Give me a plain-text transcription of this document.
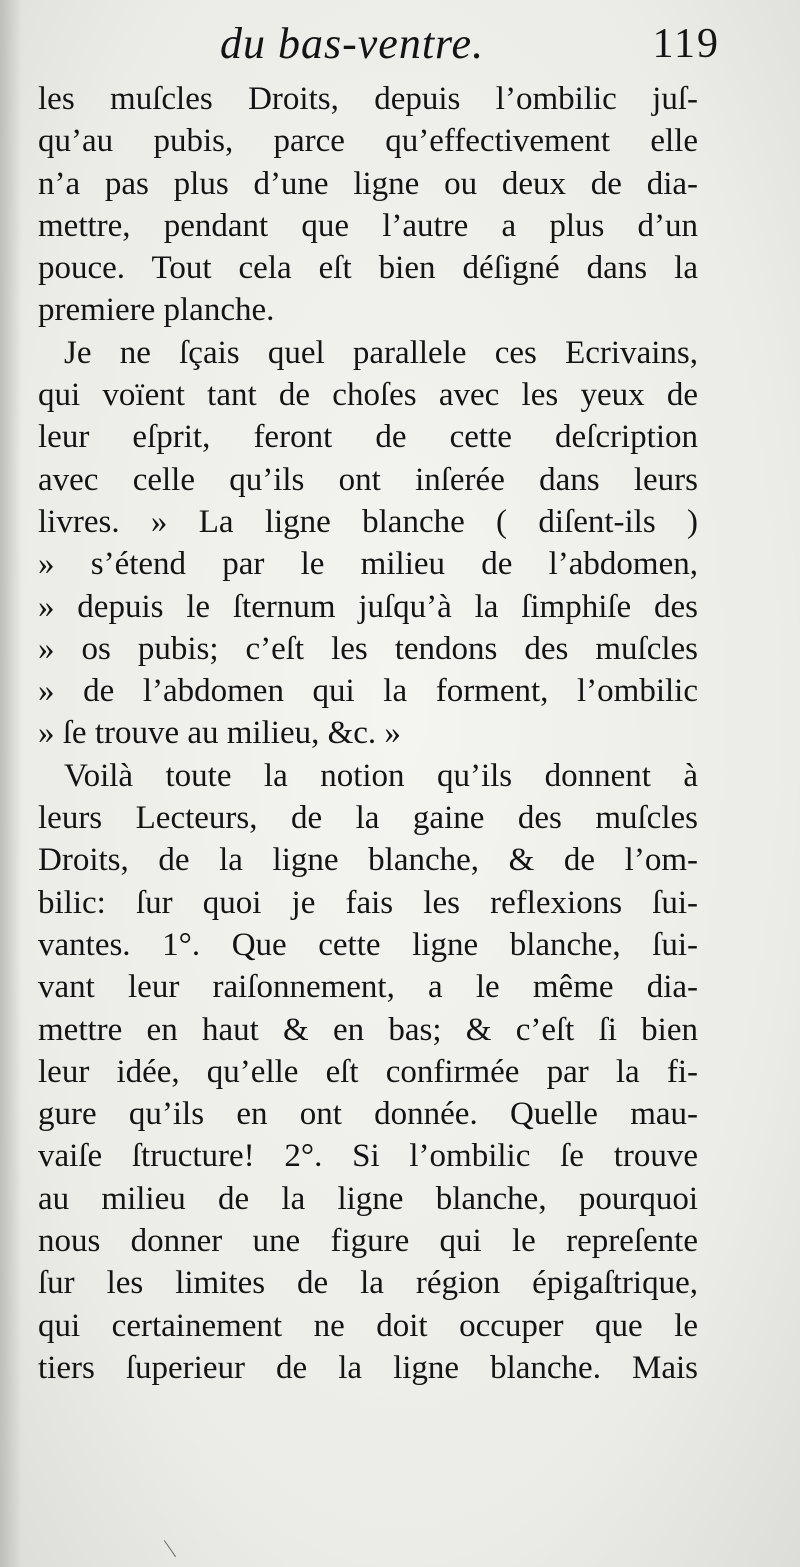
du bas-ventre.	119
les muſcles Droits, depuis l’ombilic juſ-
qu’au pubis, parce qu’effectivement elle
n’a pas plus d’une ligne ou deux de dia-
mettre, pendant que l’autre a plus d’un
pouce. Tout cela eſt bien déſigné dans la
premiere planche.
Je ne ſçais quel parallele ces Ecrivains,
qui voïent tant de choſes avec les yeux de
leur eſprit, feront de cette deſcription
avec celle qu’ils ont inſerée dans leurs
livres. » La ligne blanche ( diſent-ils )
» s’étend par le milieu de l’abdomen,
» depuis le ſternum juſqu’à la ſimphiſe des
» os pubis; c’eſt les tendons des muſcles
» de l’abdomen qui la forment, l’ombilic
» ſe trouve au milieu, &c. »
Voilà toute la notion qu’ils donnent à
leurs Lecteurs, de la gaine des muſcles
Droits, de la ligne blanche, & de l’om-
bilic: ſur quoi je fais les reflexions ſui-
vantes. 1°. Que cette ligne blanche, ſui-
vant leur raiſonnement, a le même dia-
mettre en haut & en bas; & c’eſt ſi bien
leur idée, qu’elle eſt confirmée par la fi-
gure qu’ils en ont donnée. Quelle mau-
vaiſe ſtructure! 2°. Si l’ombilic ſe trouve
au milieu de la ligne blanche, pourquoi
nous donner une figure qui le repreſente
ſur les limites de la région épigaſtrique,
qui certainement ne doit occuper que le
tiers ſuperieur de la ligne blanche. Mais
